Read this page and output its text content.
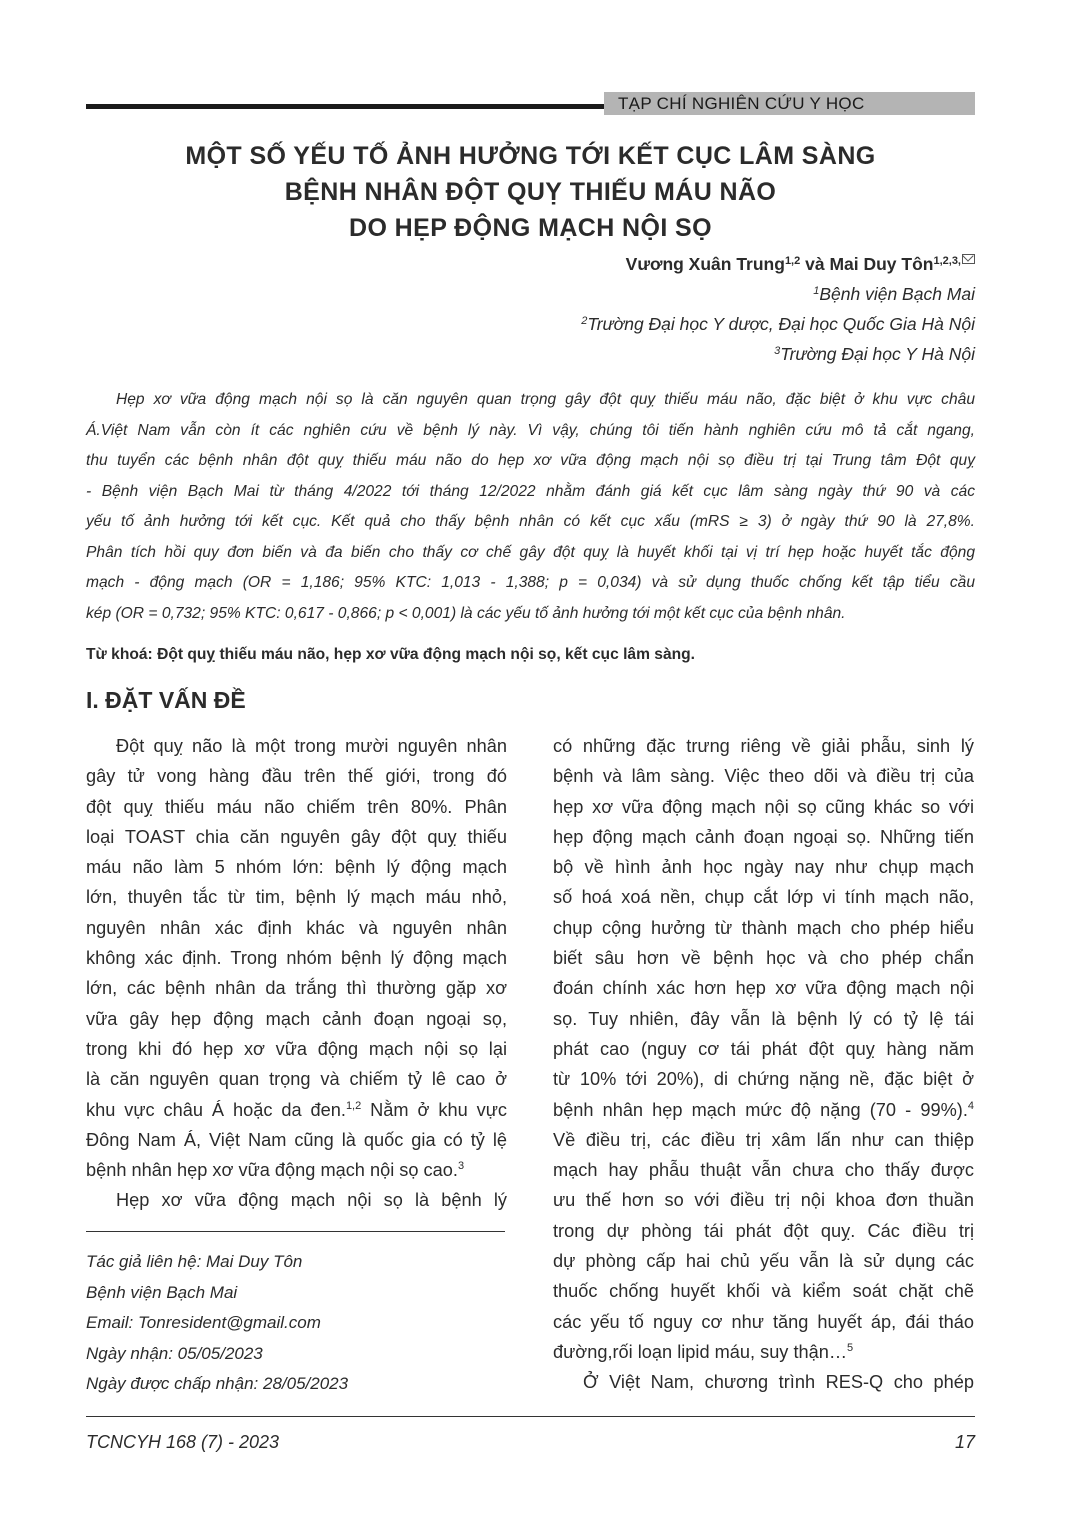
TẠP CHÍ NGHIÊN CỨU Y HỌC
MỘT SỐ YẾU TỐ ẢNH HƯỞNG TỚI KẾT CỤC LÂM SÀNG
BỆNH NHÂN ĐỘT QUỴ THIẾU MÁU NÃO
DO HẸP ĐỘNG MẠCH NỘI SỌ
Vương Xuân Trung$^{1,2}$ và Mai Duy Tôn$^{1,2,3,}$
$^1$Bệnh viện Bạch Mai
$^2$Trường Đại học Y dược, Đại học Quốc Gia Hà Nội
$^3$Trường Đại học Y Hà Nội
Hẹp xơ vữa động mạch nội sọ là căn nguyên quan trọng gây đột quỵ thiếu máu não, đặc biệt ở khu vực châu
Á.Việt Nam vẫn còn ít các nghiên cứu về bệnh lý này. Vì vậy, chúng tôi tiến hành nghiên cứu mô tả cắt ngang,
thu tuyển các bệnh nhân đột quỵ thiếu máu não do hẹp xơ vữa động mạch nội sọ điều trị tại Trung tâm Đột quỵ
- Bệnh viện Bạch Mai từ tháng 4/2022 tới tháng 12/2022 nhằm đánh giá kết cục lâm sàng ngày thứ 90 và các
yếu tố ảnh hưởng tới kết cục. Kết quả cho thấy bệnh nhân có kết cục xấu (mRS ≥ 3) ở ngày thứ 90 là 27,8%.
Phân tích hồi quy đơn biến và đa biến cho thấy cơ chế gây đột quỵ là huyết khối tại vị trí hẹp hoặc huyết tắc động
mạch - động mạch (OR = 1,186; 95% KTC: 1,013 - 1,388; p = 0,034) và sử dụng thuốc chống kết tập tiểu cầu
kép (OR = 0,732; 95% KTC: 0,617 - 0,866; p < 0,001) là các yếu tố ảnh hưởng tới một kết cục của bệnh nhân.
Từ khoá: Đột quỵ thiếu máu não, hẹp xơ vữa động mạch nội sọ, kết cục lâm sàng.
I. ĐẶT VẤN ĐỀ
Đột quỵ não là một trong mười nguyên nhân
gây tử vong hàng đầu trên thế giới, trong đó
đột quỵ thiếu máu não chiếm trên 80%. Phân
loại TOAST chia căn nguyên gây đột quỵ thiếu
máu não làm 5 nhóm lớn: bệnh lý động mạch
lớn, thuyên tắc từ tim, bệnh lý mạch máu nhỏ,
nguyên nhân xác định khác và nguyên nhân
không xác định. Trong nhóm bệnh lý động mạch
lớn, các bệnh nhân da trắng thì thường gặp xơ
vữa gây hẹp động mạch cảnh đoạn ngoại sọ,
trong khi đó hẹp xơ vữa động mạch nội sọ lại
là căn nguyên quan trọng và chiếm tỷ lê cao ở
khu vực châu Á hoặc da đen.$^{1,2}$ Nằm ở khu vực
Đông Nam Á, Việt Nam cũng là quốc gia có tỷ lệ
bệnh nhân hẹp xơ vữa động mạch nội sọ cao.$^3$
Hẹp xơ vữa động mạch nội sọ là bệnh lý
Tác giả liên hệ: Mai Duy Tôn
Bệnh viện Bạch Mai
Email: Tonresident@gmail.com
Ngày nhận: 05/05/2023
Ngày được chấp nhận: 28/05/2023
có những đặc trưng riêng về giải phẫu, sinh lý
bệnh và lâm sàng. Việc theo dõi và điều trị của
hẹp xơ vữa động mạch nội sọ cũng khác so với
hẹp động mạch cảnh đoạn ngoại sọ. Những tiến
bộ về hình ảnh học ngày nay như chụp mạch
số hoá xoá nền, chụp cắt lớp vi tính mạch não,
chụp cộng hưởng từ thành mạch cho phép hiểu
biết sâu hơn về bệnh học và cho phép chẩn
đoán chính xác hơn hẹp xơ vữa động mạch nội
sọ. Tuy nhiên, đây vẫn là bệnh lý có tỷ lệ tái
phát cao (nguy cơ tái phát đột quỵ hàng năm
từ 10% tới 20%), di chứng nặng nề, đặc biệt ở
bệnh nhân hẹp mạch mức độ nặng (70 - 99%).$^4$
Về điều trị, các điều trị xâm lấn như can thiệp
mạch hay phẫu thuật vẫn chưa cho thấy được
ưu thế hơn so với điều trị nội khoa đơn thuần
trong dự phòng tái phát đột quỵ. Các điều trị
dự phòng cấp hai chủ yếu vẫn là sử dụng các
thuốc chống huyết khối và kiểm soát chặt chẽ
các yếu tố nguy cơ như tăng huyết áp, đái tháo
đường,rối loạn lipid máu, suy thận…$^5$
Ở Việt Nam, chương trình RES-Q cho phép
TCNCYH 168 (7) - 2023	17
